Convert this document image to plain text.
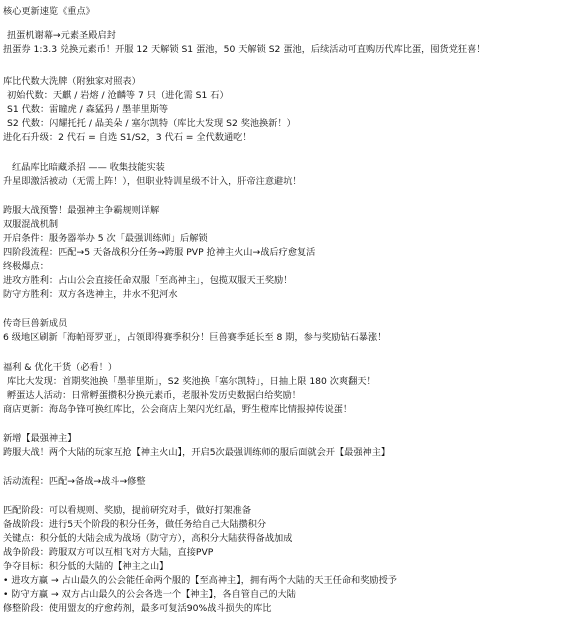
核心更新速览《重点》
扭蛋机谢幕→元素圣殿启封
扭蛋券 1:3.3 兑换元素币！开服 12 天解锁 S1 蛋池，50 天解锁 S2 蛋池，后续活动可直购历代库比蛋，囤货党狂喜！
库比代数大洗牌（附独家对照表）
初始代数：天麒 / 岩熔 / 沧麟等 7 只（进化需 S1 石）
S1 代数：雷瞳虎 / 森猛犸 / 墨菲里斯等
S2 代数：闪耀托托 / 晶美朵 / 塞尔凯特（库比大发现 S2 奖池换新！）
进化石升级：2 代石 = 自选 S1/S2，3 代石 = 全代数通吃！
红晶库比暗藏杀招 —— 收集技能实装
升星即激活被动（无需上阵！），但职业特训星级不计入，肝帝注意避坑！
跨服大战预警！最强神主争霸规则详解
双服混战机制
开启条件：服务器举办 5 次「最强训练师」后解锁
四阶段流程：匹配→5 天备战积分任务→跨服 PVP 抢神主火山→战后疗愈复活
终极爆点：
进攻方胜利：占山公会直接任命双服「至高神主」，包揽双服天王奖励！
防守方胜利：双方各选神主，井水不犯河水
传奇巨兽新成员
6 级地区刷新「海帕哥罗亚」，占领即得赛季积分！巨兽赛季延长至 8 期，参与奖励钻石暴涨！
福利 & 优化干货（必看！）
库比大发现：首期奖池换「墨菲里斯」，S2 奖池换「塞尔凯特」，日抽上限 180 次爽翻天！
孵蛋达人活动：日常孵蛋攒积分换元素币，老服补发历史数据白给奖励！
商店更新：海岛争锋可换红库比，公会商店上架闪光红晶，野生橙库比情报掉传说蛋！
新增【最强神主】
跨服大战！两个大陆的玩家互抢【神主火山】，开启5次最强训练师的服后面就会开【最强神主】
活动流程：匹配→备战→战斗→修整
匹配阶段：可以看规则、奖励，提前研究对手，做好打架准备
备战阶段：进行5天个阶段的积分任务，做任务给自己大陆攒积分
关键点：积分低的大陆会成为战场（防守方），高积分大陆获得备战加成
战争阶段：跨服双方可以互相飞对方大陆，直接PVP
争夺目标：积分低的大陆的【神主之山】
• 进攻方赢 → 占山最久的公会能任命两个服的【至高神主】，拥有两个大陆的天王任命和奖励授予
• 防守方赢 → 双方占山最久的公会各选一个【神主】，各自管自己的大陆
修整阶段：使用盟友的疗愈药剂，最多可复活90%战斗损失的库比
